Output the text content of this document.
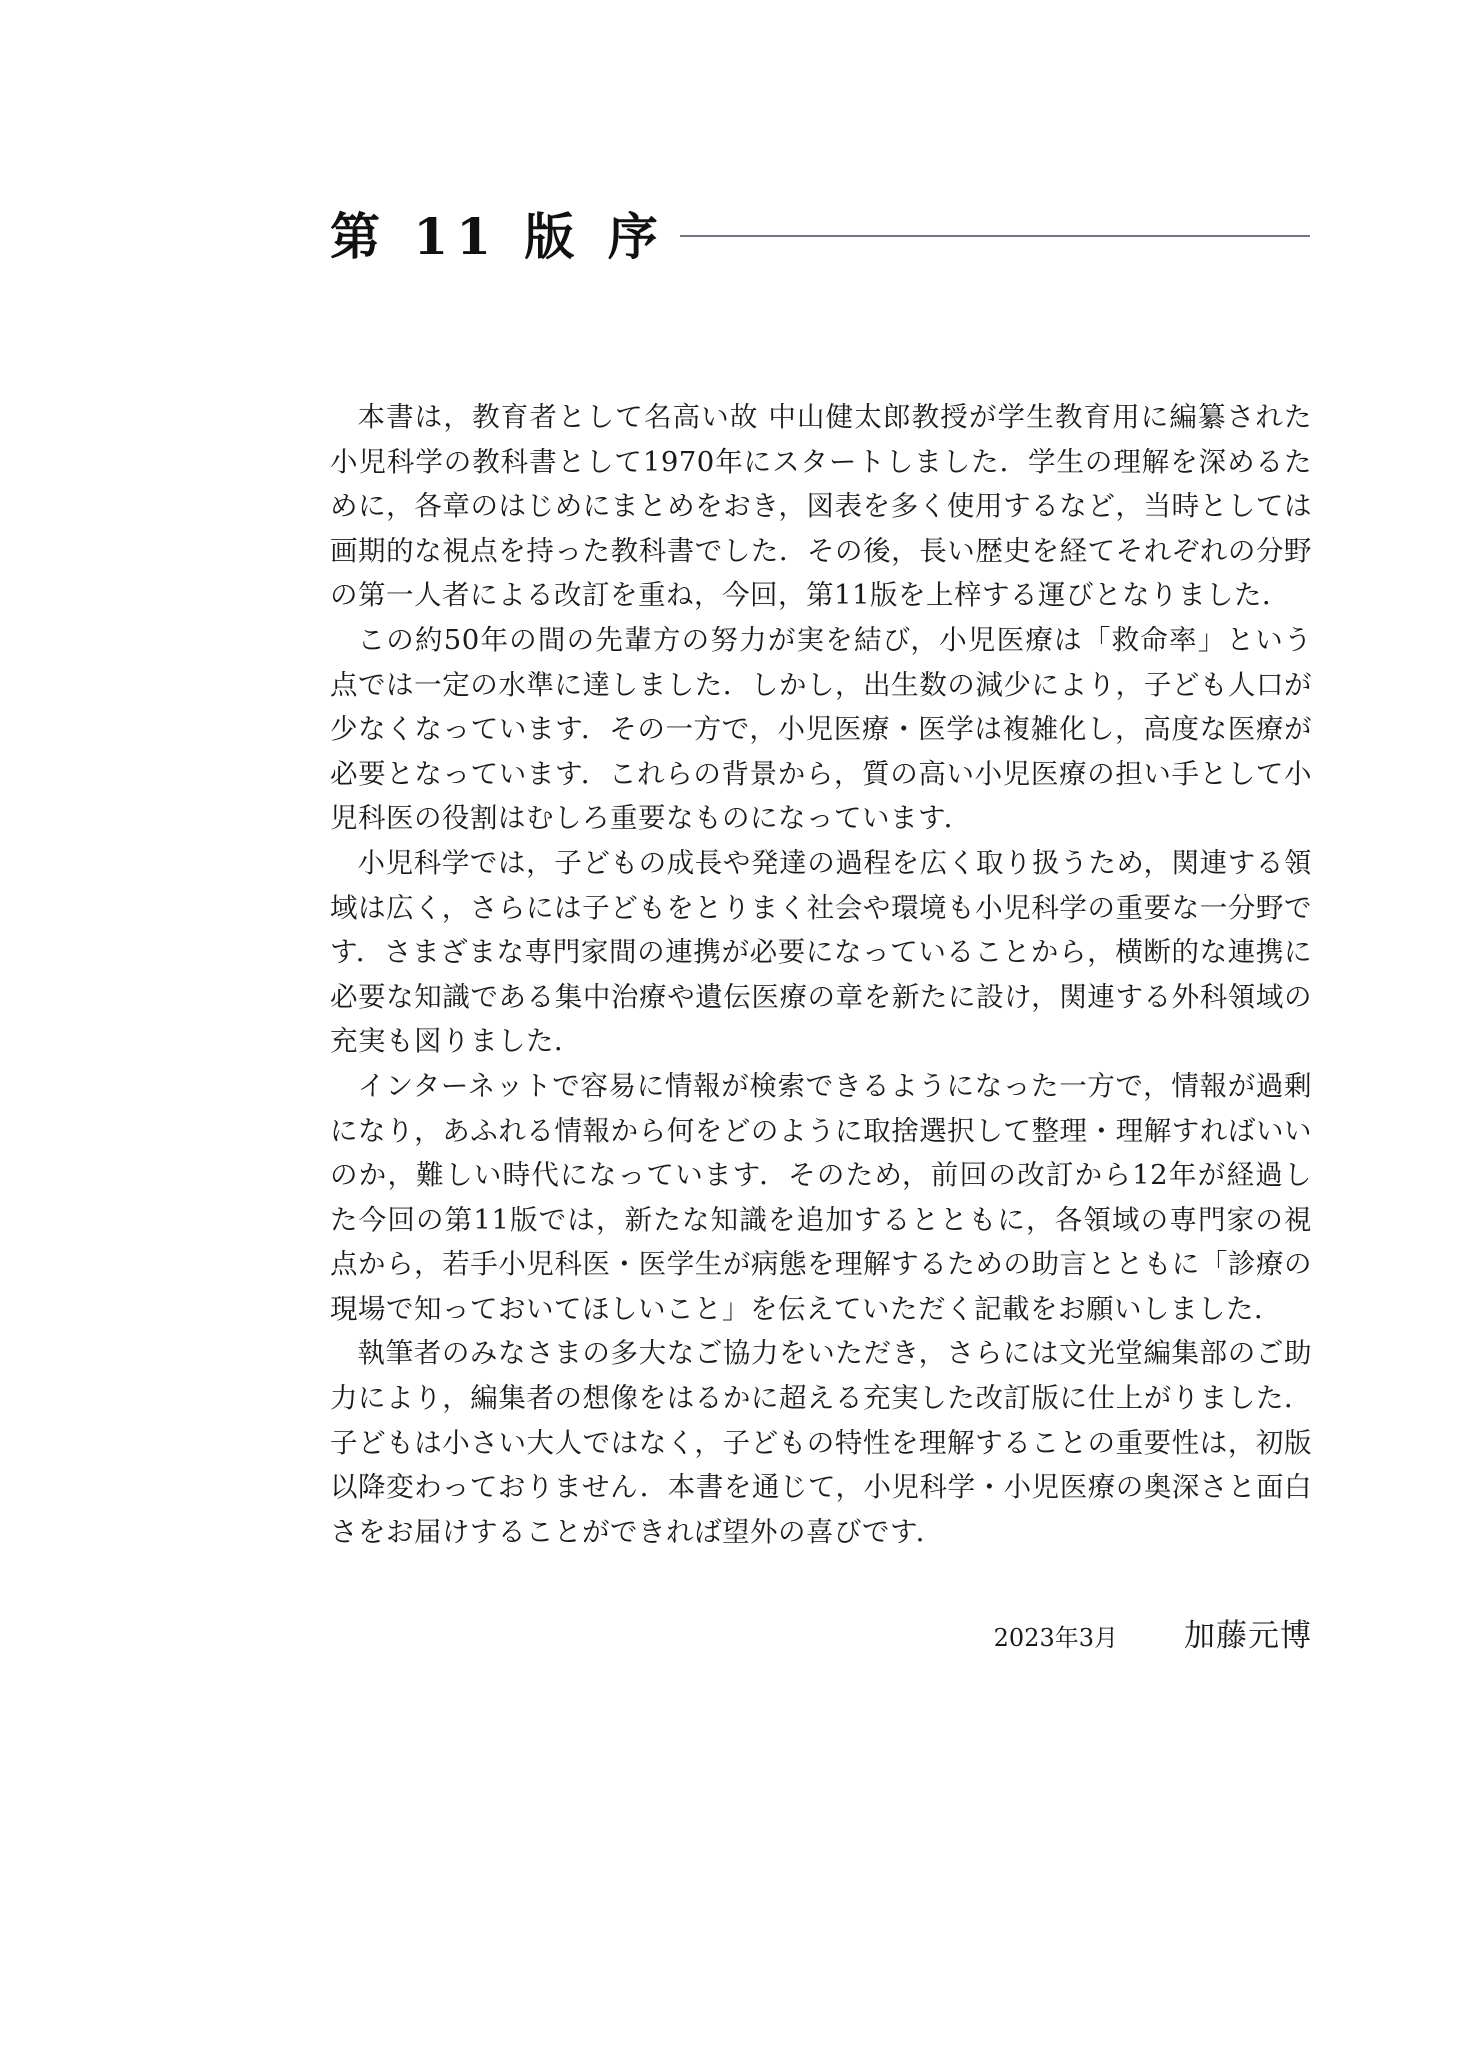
第 11 版 序

本書は，教育者として名高い故 中山健太郎教授が学生教育用に編纂された小児科学の教科書として1970年にスタートしました．学生の理解を深めるために，各章のはじめにまとめをおき，図表を多く使用するなど，当時としては画期的な視点を持った教科書でした．その後，長い歴史を経てそれぞれの分野の第一人者による改訂を重ね，今回，第11版を上梓する運びとなりました．

この約50年の間の先輩方の努力が実を結び，小児医療は「救命率」という点では一定の水準に達しました．しかし，出生数の減少により，子ども人口が少なくなっています．その一方で，小児医療・医学は複雑化し，高度な医療が必要となっています．これらの背景から，質の高い小児医療の担い手として小児科医の役割はむしろ重要なものになっています．

小児科学では，子どもの成長や発達の過程を広く取り扱うため，関連する領域は広く，さらには子どもをとりまく社会や環境も小児科学の重要な一分野です．さまざまな専門家間の連携が必要になっていることから，横断的な連携に必要な知識である集中治療や遺伝医療の章を新たに設け，関連する外科領域の充実も図りました．

インターネットで容易に情報が検索できるようになった一方で，情報が過剰になり，あふれる情報から何をどのように取捨選択して整理・理解すればいいのか，難しい時代になっています．そのため，前回の改訂から12年が経過した今回の第11版では，新たな知識を追加するとともに，各領域の専門家の視点から，若手小児科医・医学生が病態を理解するための助言とともに「診療の現場で知っておいてほしいこと」を伝えていただく記載をお願いしました．

執筆者のみなさまの多大なご協力をいただき，さらには文光堂編集部のご助力により，編集者の想像をはるかに超える充実した改訂版に仕上がりました．子どもは小さい大人ではなく，子どもの特性を理解することの重要性は，初版以降変わっておりません．本書を通じて，小児科学・小児医療の奥深さと面白さをお届けすることができれば望外の喜びです．

2023年3月 加藤元博
